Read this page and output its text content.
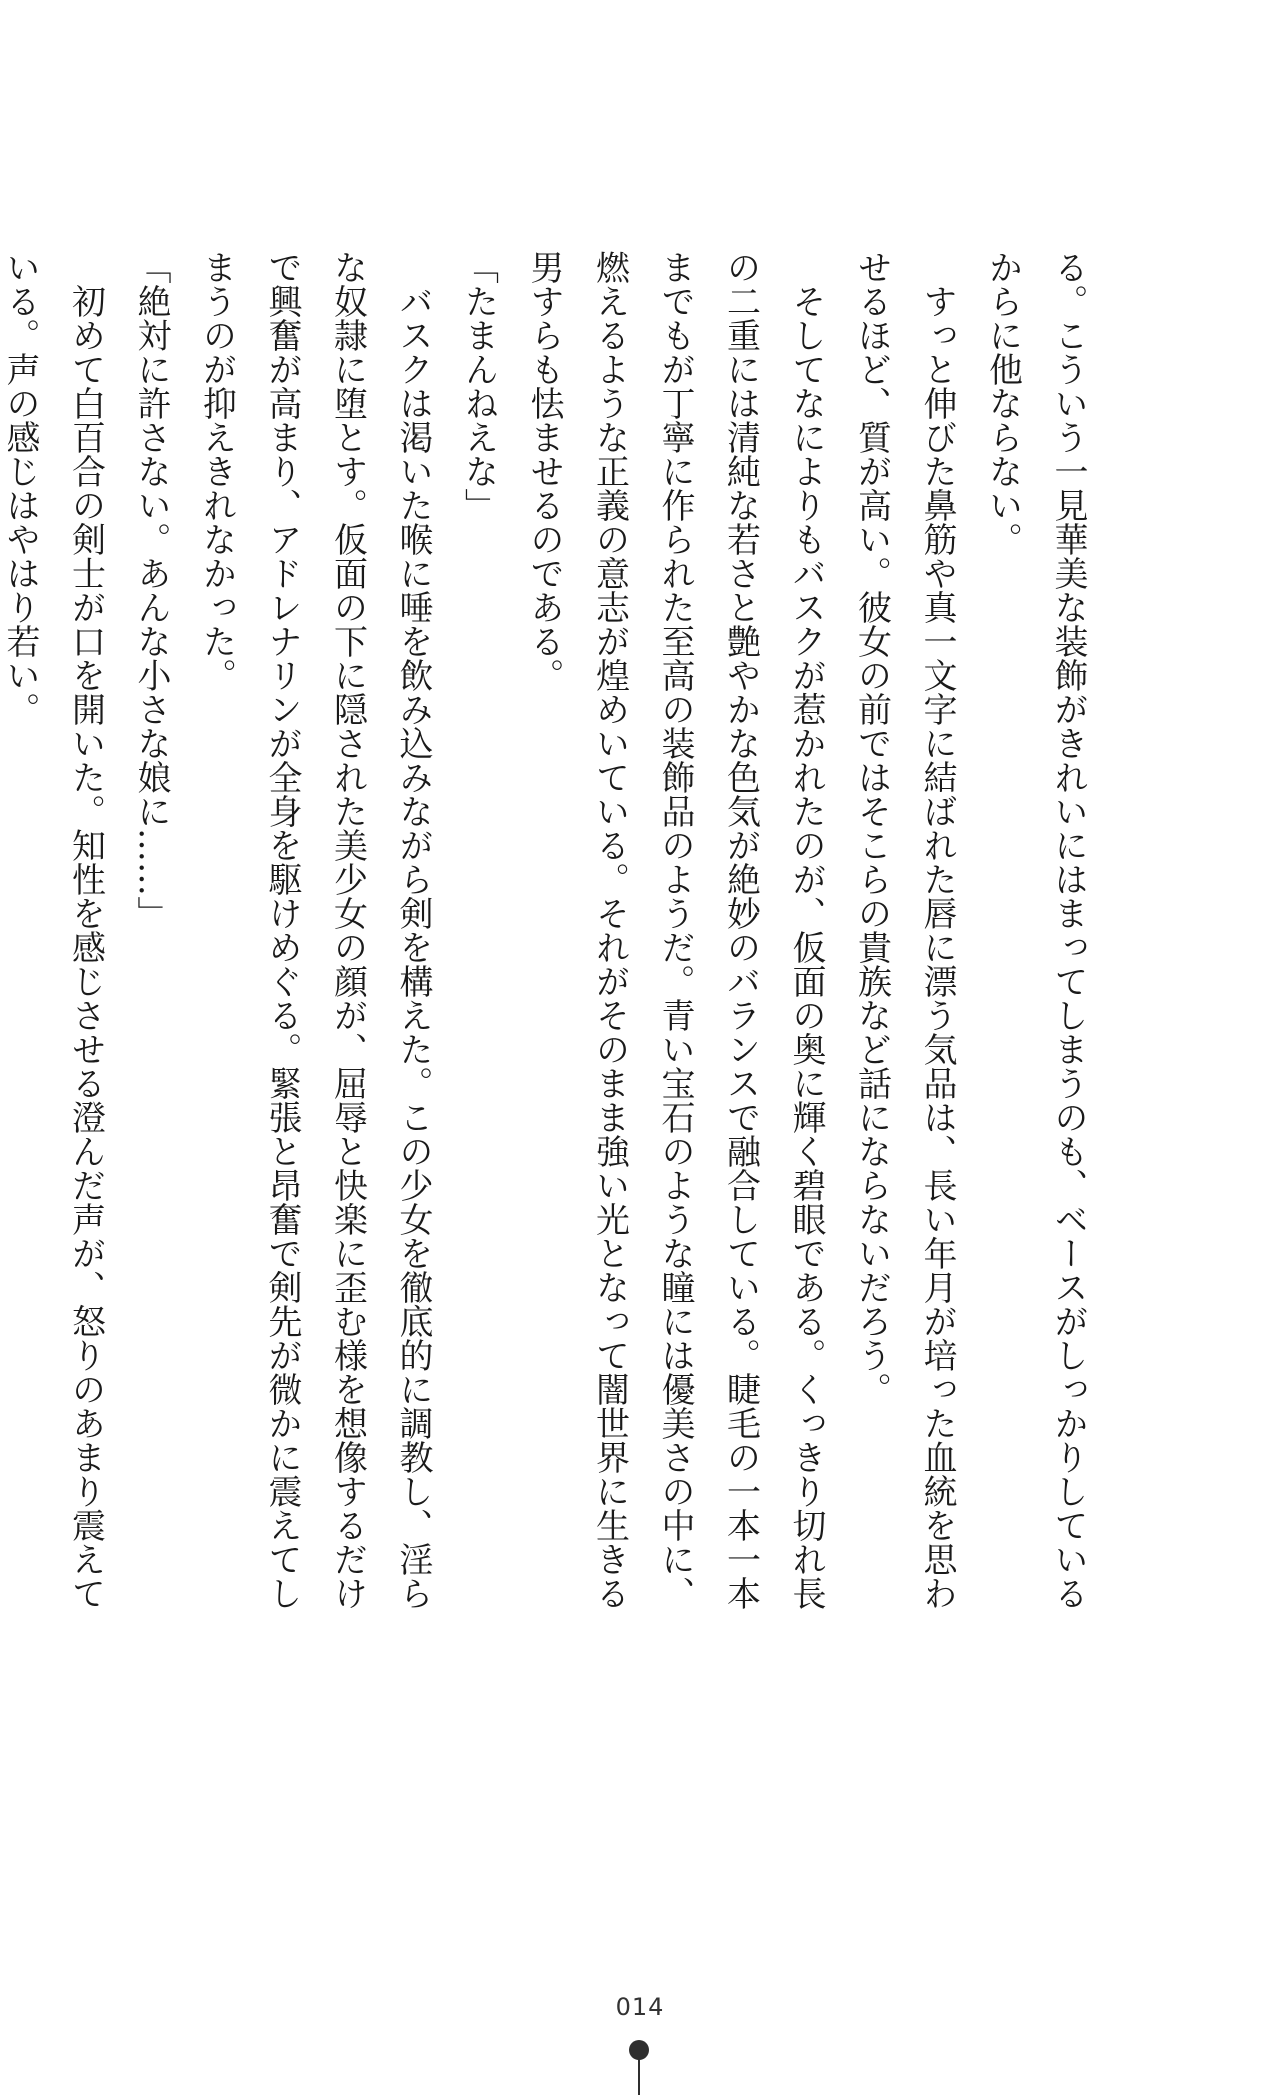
る。こういう一見華美な装飾がきれいにはまってしまうのも、ベースがしっかりしている
からに他ならない。
　すっと伸びた鼻筋や真一文字に結ばれた唇に漂う気品は、長い年月が培った血統を思わ
せるほど、質が高い。彼女の前ではそこらの貴族など話にならないだろう。
　そしてなによりもバスクが惹かれたのが、仮面の奥に輝く碧眼である。くっきり切れ長
の二重には清純な若さと艶やかな色気が絶妙のバランスで融合している。睫毛の一本一本
までもが丁寧に作られた至高の装飾品のようだ。青い宝石のような瞳には優美さの中に、
燃えるような正義の意志が煌めいている。それがそのまま強い光となって闇世界に生きる
男すらも怯ませるのである。
「たまんねえな」
　バスクは渇いた喉に唾を飲み込みながら剣を構えた。この少女を徹底的に調教し、淫ら
な奴隷に堕とす。仮面の下に隠された美少女の顔が、屈辱と快楽に歪む様を想像するだけ
で興奮が高まり、アドレナリンが全身を駆けめぐる。緊張と昂奮で剣先が微かに震えてし
まうのが抑えきれなかった。
「絶対に許さない。あんな小さな娘に……」
　初めて白百合の剣士が口を開いた。知性を感じさせる澄んだ声が、怒りのあまり震えて
いる。声の感じはやはり若い。
014
